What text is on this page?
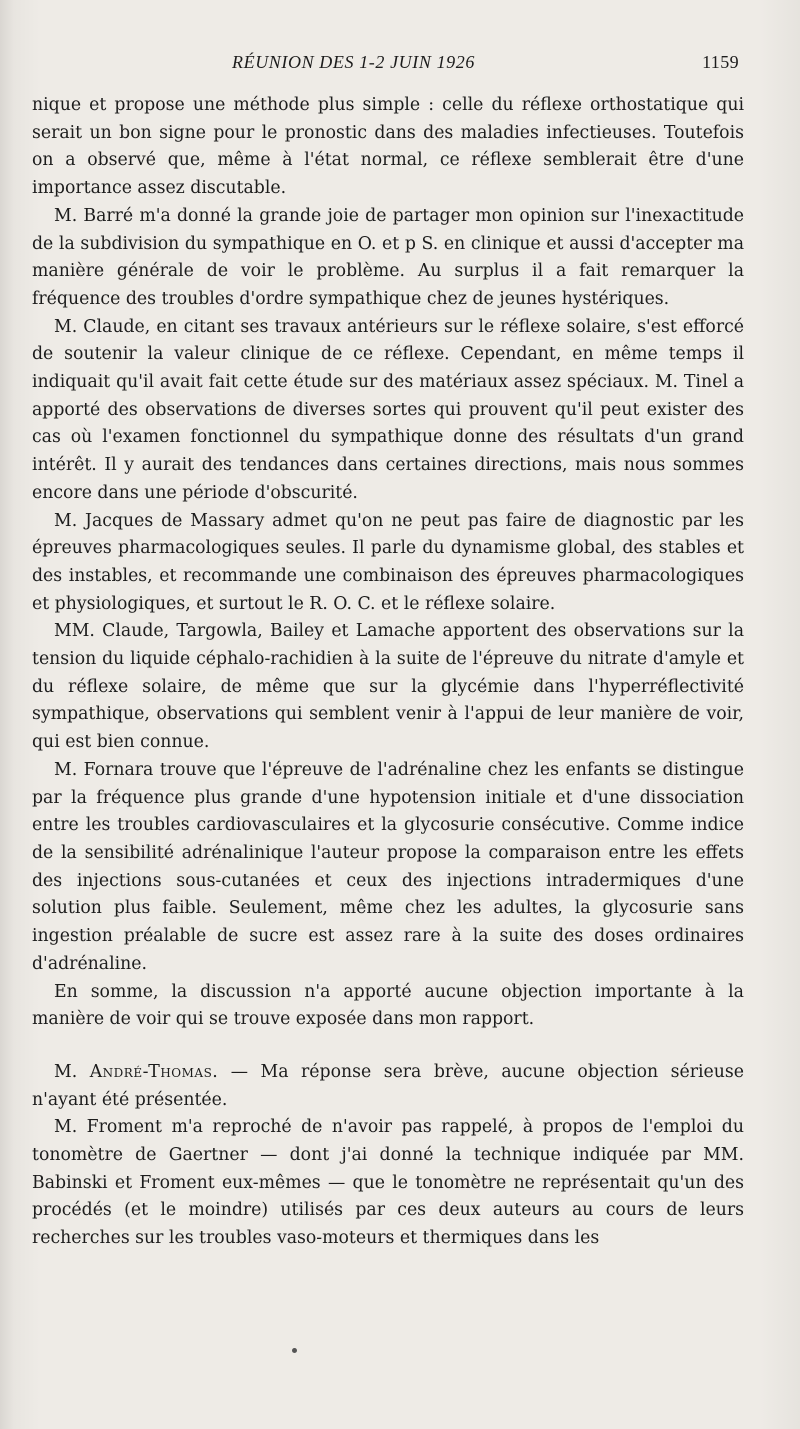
RÉUNION DES 1-2 JUIN 1926	1159

nique et propose une méthode plus simple : celle du réflexe orthostatique qui serait un bon signe pour le pronostic dans des maladies infectieuses. Toutefois on a observé que, même à l'état normal, ce réflexe semblerait être d'une importance assez discutable.

M. Barré m'a donné la grande joie de partager mon opinion sur l'inexactitude de la subdivision du sympathique en O. et p S. en clinique et aussi d'accepter ma manière générale de voir le problème. Au surplus il a fait remarquer la fréquence des troubles d'ordre sympathique chez de jeunes hystériques.

M. Claude, en citant ses travaux antérieurs sur le réflexe solaire, s'est efforcé de soutenir la valeur clinique de ce réflexe. Cependant, en même temps il indiquait qu'il avait fait cette étude sur des matériaux assez spéciaux. M. Tinel a apporté des observations de diverses sortes qui prouvent qu'il peut exister des cas où l'examen fonctionnel du sympathique donne des résultats d'un grand intérêt. Il y aurait des tendances dans certaines directions, mais nous sommes encore dans une période d'obscurité.

M. Jacques de Massary admet qu'on ne peut pas faire de diagnostic par les épreuves pharmacologiques seules. Il parle du dynamisme global, des stables et des instables, et recommande une combinaison des épreuves pharmacologiques et physiologiques, et surtout le R. O. C. et le réflexe solaire.

MM. Claude, Targowla, Bailey et Lamache apportent des observations sur la tension du liquide céphalo-rachidien à la suite de l'épreuve du nitrate d'amyle et du réflexe solaire, de même que sur la glycémie dans l'hyperréflectivité sympathique, observations qui semblent venir à l'appui de leur manière de voir, qui est bien connue.

M. Fornara trouve que l'épreuve de l'adrénaline chez les enfants se distingue par la fréquence plus grande d'une hypotension initiale et d'une dissociation entre les troubles cardiovasculaires et la glycosurie consécutive. Comme indice de la sensibilité adrénalinique l'auteur propose la comparaison entre les effets des injections sous-cutanées et ceux des injections intradermiques d'une solution plus faible. Seulement, même chez les adultes, la glycosurie sans ingestion préalable de sucre est assez rare à la suite des doses ordinaires d'adrénaline.

En somme, la discussion n'a apporté aucune objection importante à la manière de voir qui se trouve exposée dans mon rapport.

M. André-Thomas. — Ma réponse sera brève, aucune objection sérieuse n'ayant été présentée.

M. Froment m'a reproché de n'avoir pas rappelé, à propos de l'emploi du tonomètre de Gaertner — dont j'ai donné la technique indiquée par MM. Babinski et Froment eux-mêmes — que le tonomètre ne représentait qu'un des procédés (et le moindre) utilisés par ces deux auteurs au cours de leurs recherches sur les troubles vaso-moteurs et thermiques dans les
